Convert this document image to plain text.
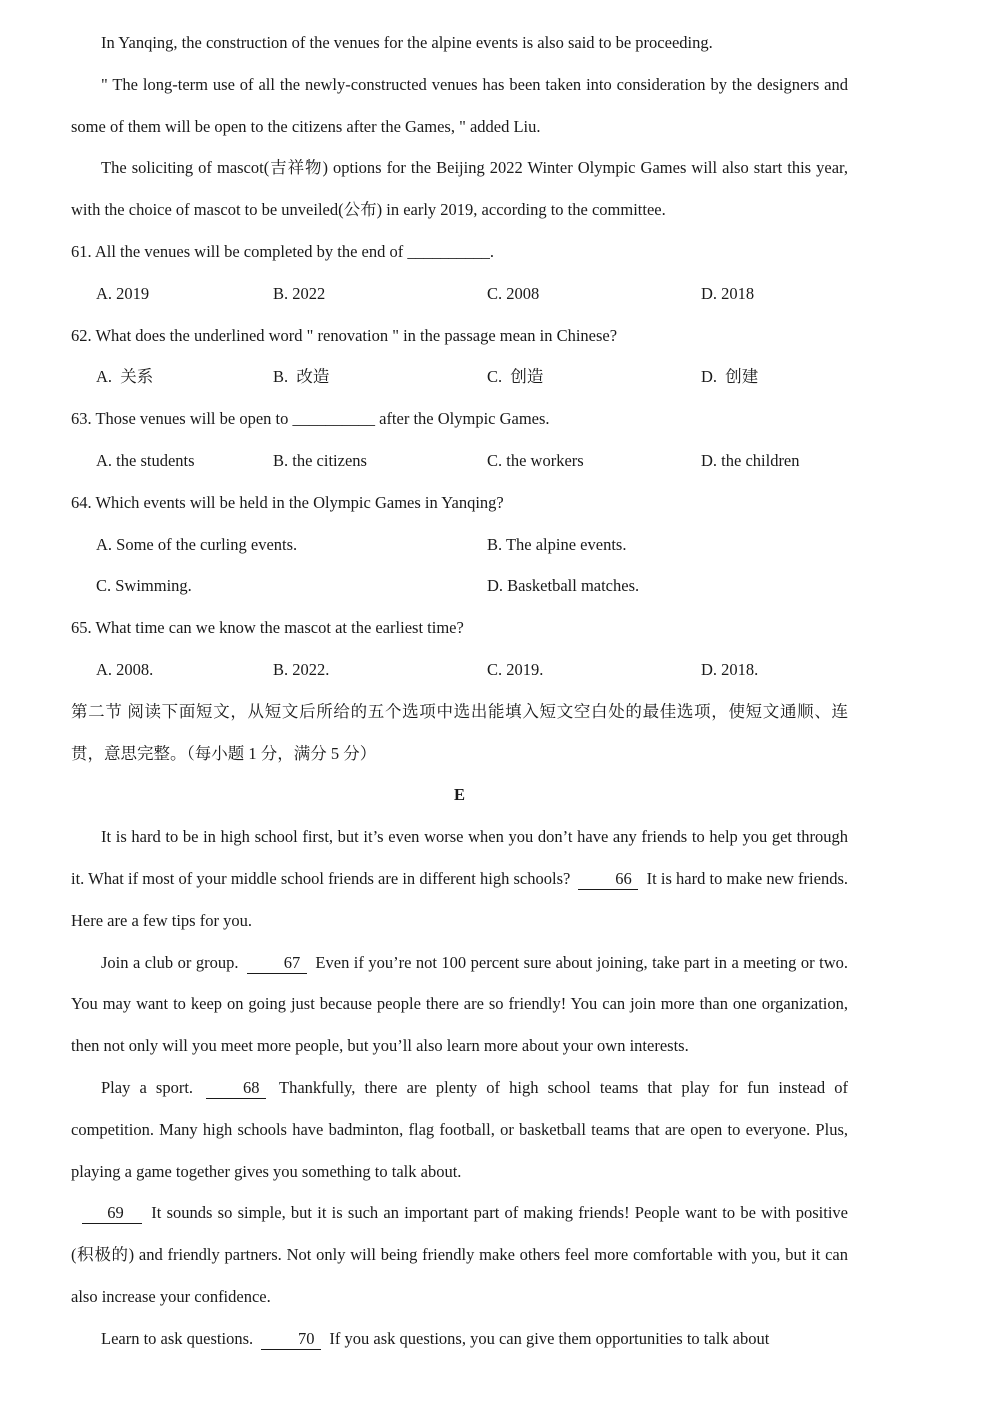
In Yanqing, the construction of the venues for the alpine events is also said to be proceeding.

" The long-term use of all the newly-constructed venues has been taken into consideration by the designers and some of them will be open to the citizens after the Games, " added Liu.

The soliciting of mascot(吉祥物) options for the Beijing 2022 Winter Olympic Games will also start this year, with the choice of mascot to be unveiled(公布) in early 2019, according to the committee.

61. All the venues will be completed by the end of __________.

A. 2019	B. 2022	C. 2008	D. 2018

62. What does the underlined word " renovation " in the passage mean in Chinese?

A.  关系	B.  改造	C.  创造	D.  创建

63. Those venues will be open to __________ after the Olympic Games.

A. the students	B. the citizens	C. the workers	D. the children

64. Which events will be held in the Olympic Games in Yanqing?

A. Some of the curling events.	B. The alpine events.
C. Swimming.	D. Basketball matches.

65. What time can we know the mascot at the earliest time?

A. 2008.	B. 2022.	C. 2019.	D. 2018.

第二节 阅读下面短文，从短文后所给的五个选项中选出能填入短文空白处的最佳选项，使短文通顺、连贯，意思完整。（每小题 1 分，满分 5 分）

E

It is hard to be in high school first, but it’s even worse when you don’t have any friends to help you get through it. What if most of your middle school friends are in different high schools? 66 It is hard to make new friends. Here are a few tips for you.

Join a club or group. 67 Even if you’re not 100 percent sure about joining, take part in a meeting or two. You may want to keep on going just because people there are so friendly! You can join more than one organization, then not only will you meet more people, but you’ll also learn more about your own interests.

Play a sport. 68 Thankfully, there are plenty of high school teams that play for fun instead of competition. Many high schools have badminton, flag football, or basketball teams that are open to everyone. Plus, playing a game together gives you something to talk about.

69 It sounds so simple, but it is such an important part of making friends! People want to be with positive (积极的) and friendly partners. Not only will being friendly make others feel more comfortable with you, but it can also increase your confidence.

Learn to ask questions. 70 If you ask questions, you can give them opportunities to talk about
